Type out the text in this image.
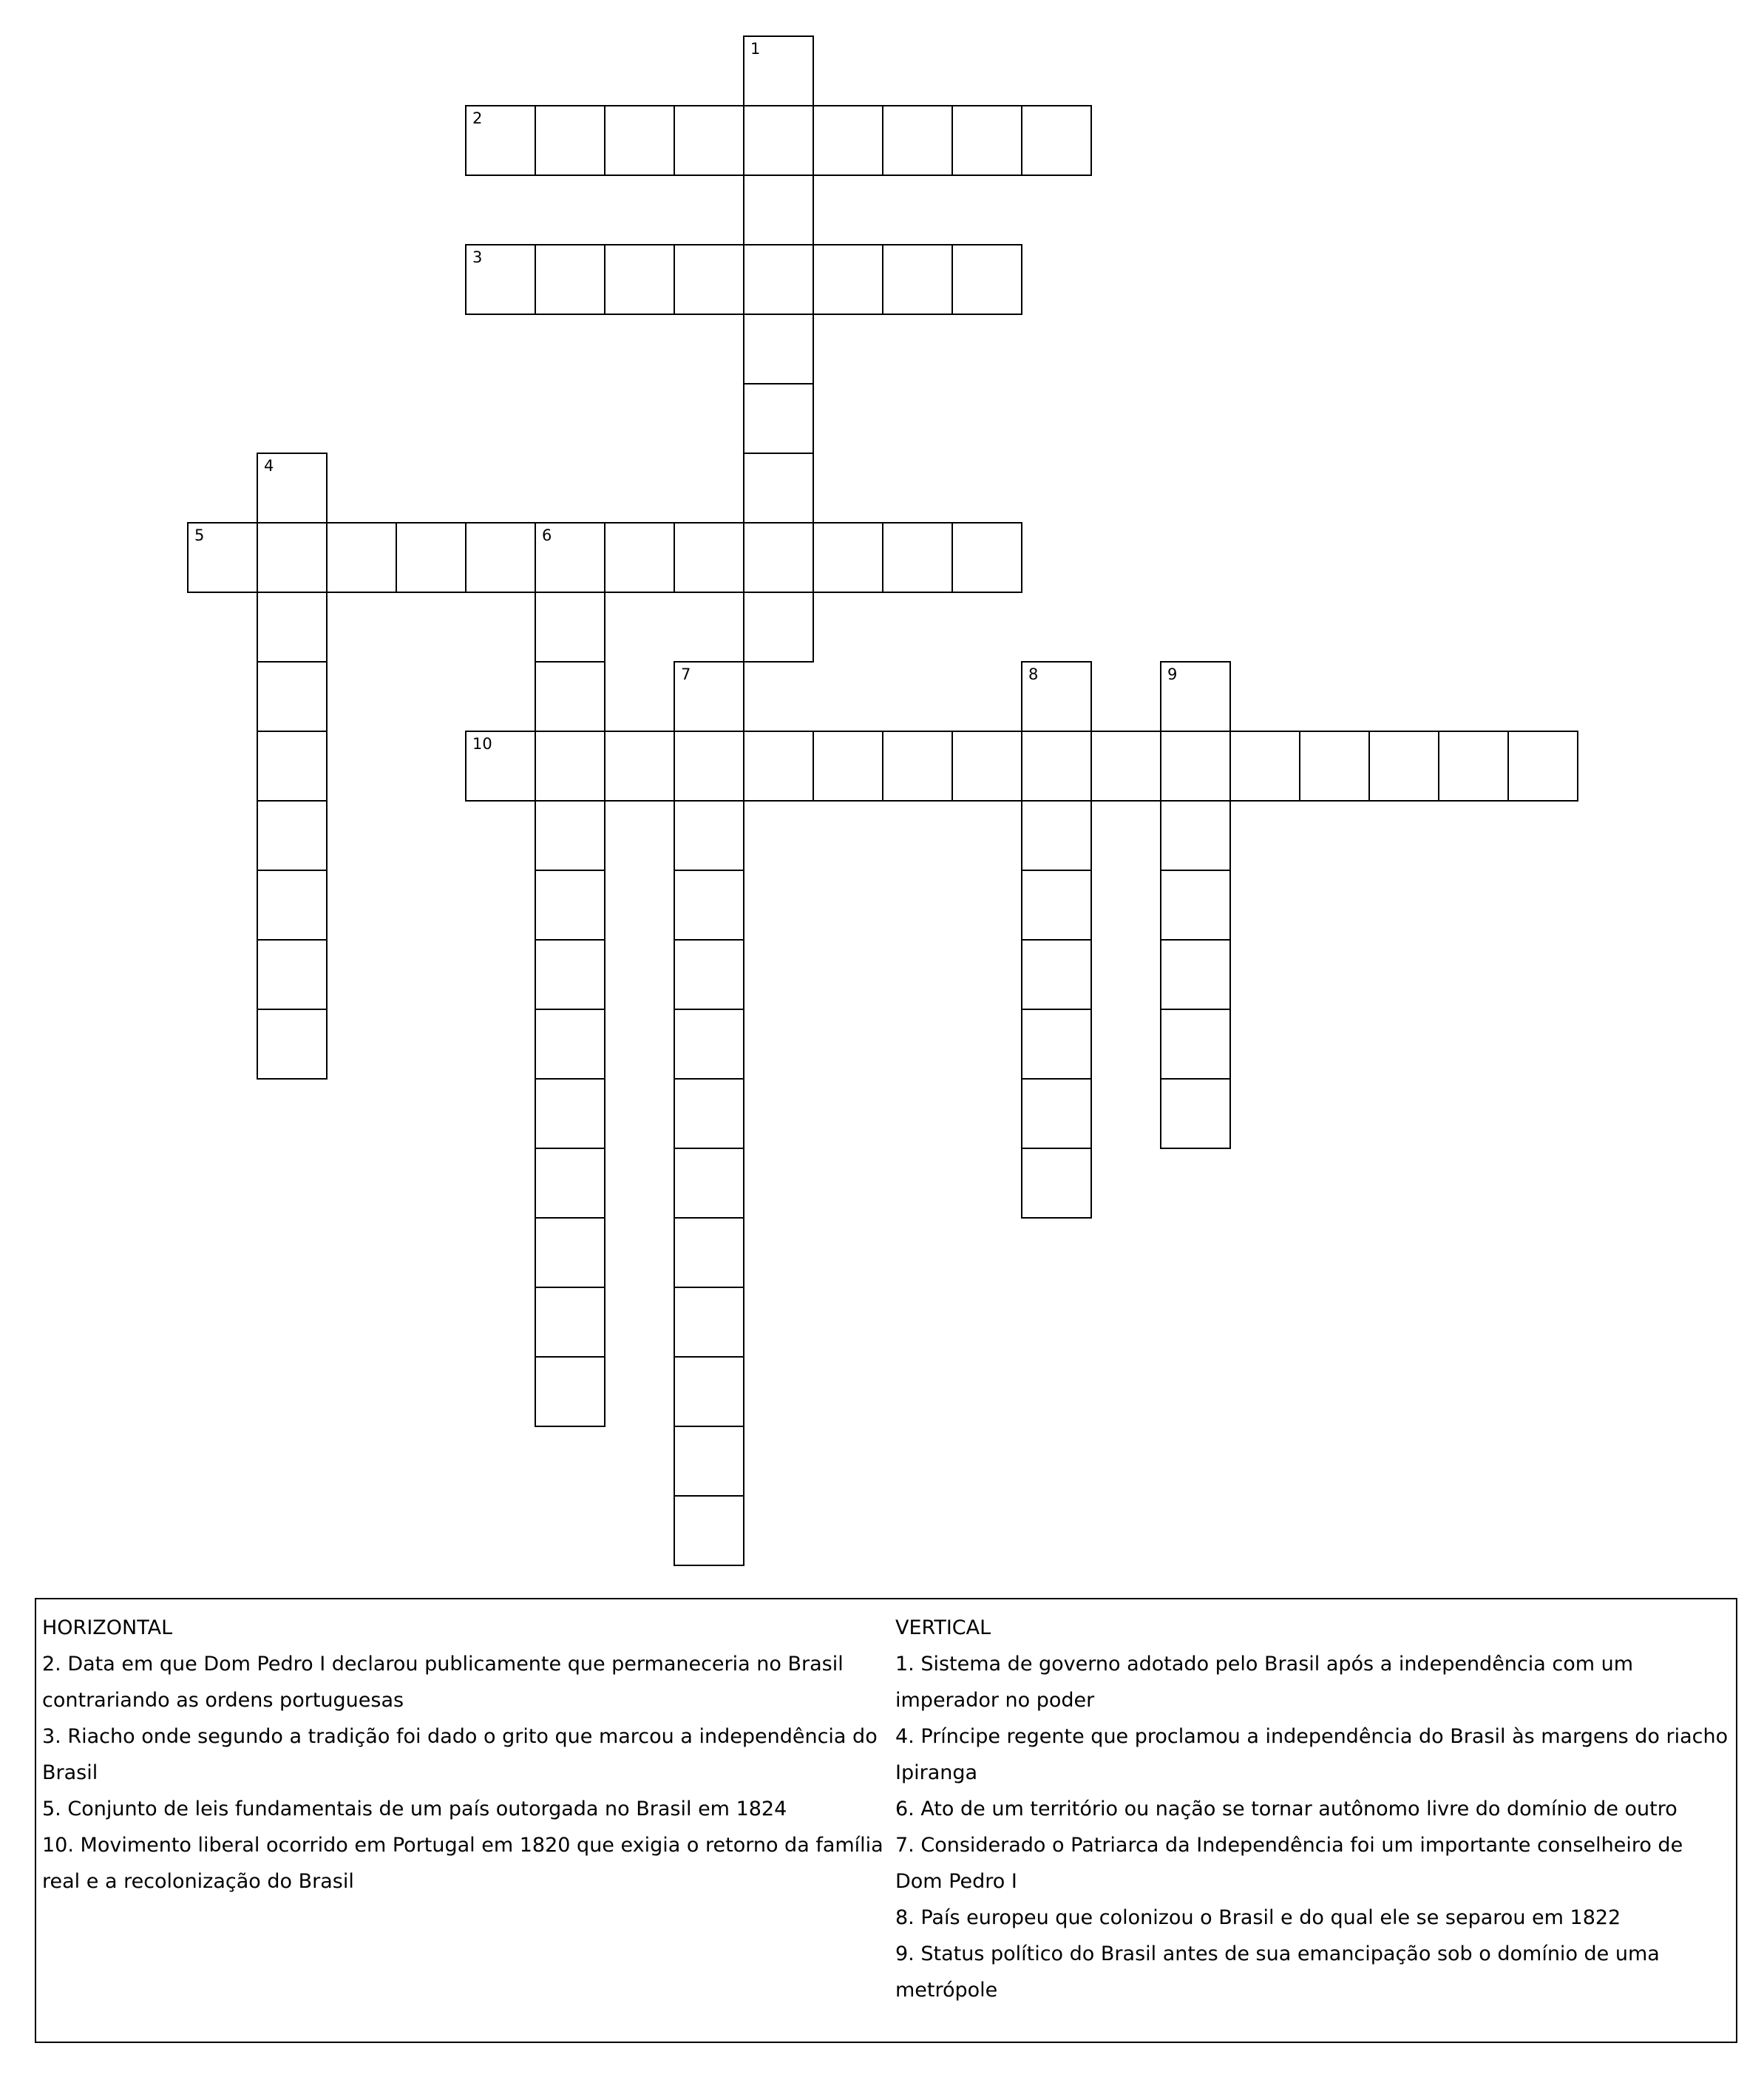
1
2
3
4
5	6
7	8	9
10
HORIZONTAL
2. Data em que Dom Pedro I declarou publicamente que permaneceria no Brasil contrariando as ordens portuguesas
3. Riacho onde segundo a tradição foi dado o grito que marcou a independência do Brasil
5. Conjunto de leis fundamentais de um país outorgada no Brasil em 1824
10. Movimento liberal ocorrido em Portugal em 1820 que exigia o retorno da família real e a recolonização do Brasil
VERTICAL
1. Sistema de governo adotado pelo Brasil após a independência com um imperador no poder
4. Príncipe regente que proclamou a independência do Brasil às margens do riacho Ipiranga
6. Ato de um território ou nação se tornar autônomo livre do domínio de outro
7. Considerado o Patriarca da Independência foi um importante conselheiro de Dom Pedro I
8. País europeu que colonizou o Brasil e do qual ele se separou em 1822
9. Status político do Brasil antes de sua emancipação sob o domínio de uma metrópole
